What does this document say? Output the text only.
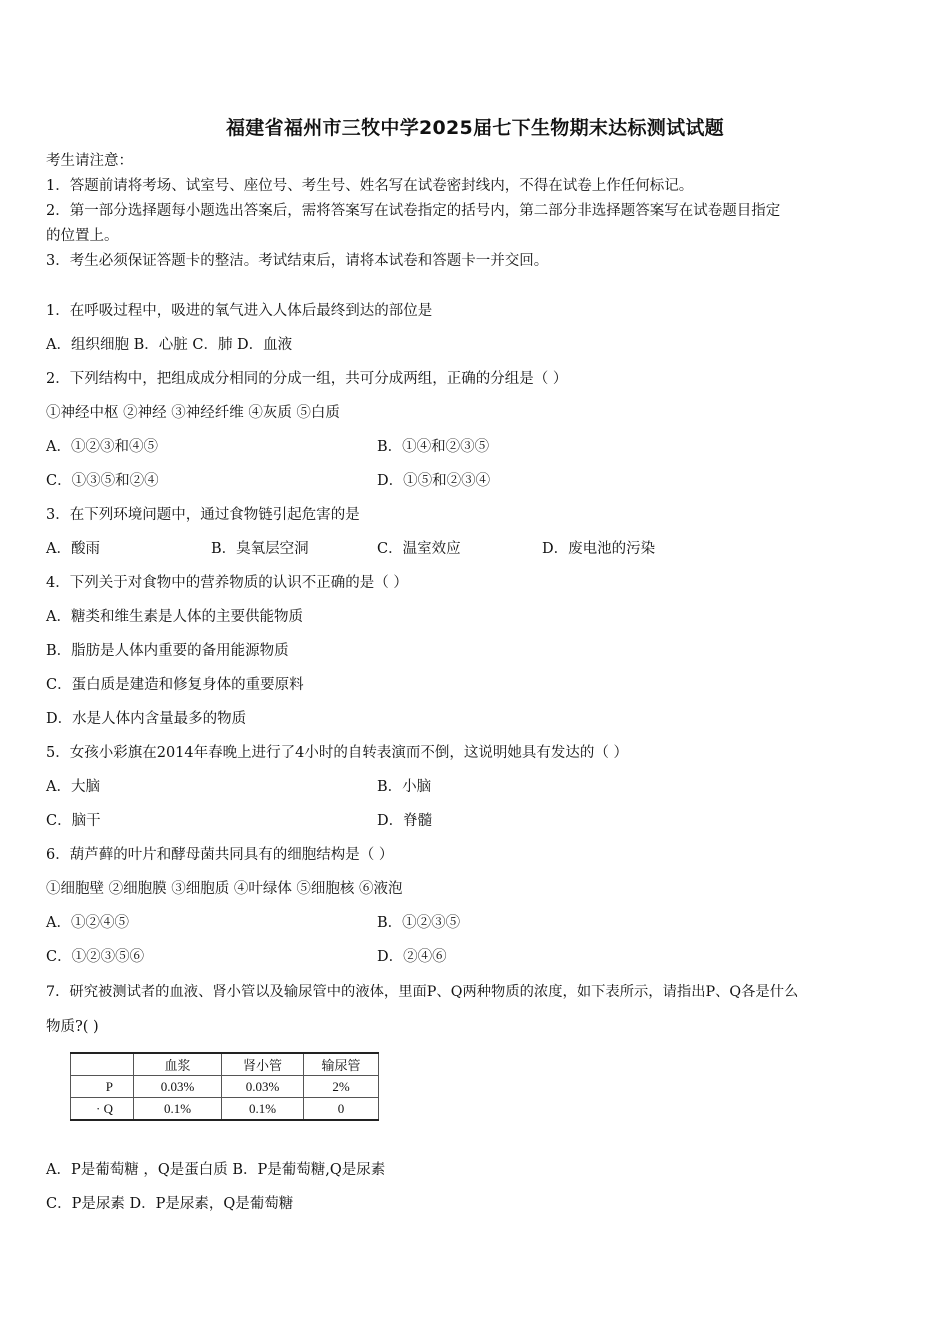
福建省福州市三牧中学2025届七下生物期末达标测试试题
考生请注意：
1．答题前请将考场、试室号、座位号、考生号、姓名写在试卷密封线内，不得在试卷上作任何标记。
2．第一部分选择题每小题选出答案后，需将答案写在试卷指定的括号内，第二部分非选择题答案写在试卷题目指定
的位置上。
3．考生必须保证答题卡的整洁。考试结束后，请将本试卷和答题卡一并交回。
1．在呼吸过程中，吸进的氧气进入人体后最终到达的部位是
A．组织细胞 B．心脏 C．肺 D．血液
2．下列结构中，把组成成分相同的分成一组，共可分成两组，正确的分组是（ ）
①神经中枢 ②神经 ③神经纤维 ④灰质 ⑤白质
A．①②③和④⑤	B．①④和②③⑤
C．①③⑤和②④	D．①⑤和②③④
3．在下列环境问题中，通过食物链引起危害的是
A．酸雨	B．臭氧层空洞	C．温室效应	D．废电池的污染
4．下列关于对食物中的营养物质的认识不正确的是（ ）
A．糖类和维生素是人体的主要供能物质
B．脂肪是人体内重要的备用能源物质
C．蛋白质是建造和修复身体的重要原料
D．水是人体内含量最多的物质
5．女孩小彩旗在2014年春晚上进行了4小时的自转表演而不倒，这说明她具有发达的（ ）
A．大脑	B．小脑
C．脑干	D．脊髓
6．葫芦藓的叶片和酵母菌共同具有的细胞结构是（ ）
①细胞壁 ②细胞膜 ③细胞质 ④叶绿体 ⑤细胞核 ⑥液泡
A．①②④⑤	B．①②③⑤
C．①②③⑤⑥	D．②④⑥
7．研究被测试者的血液、肾小管以及输尿管中的液体，里面P、Q两种物质的浓度，如下表所示，请指出P、Q各是什么
物质?( )
	血浆	肾小管	输尿管
P	0.03%	0.03%	2%
· Q	0.1%	0.1%	0
A．P是葡萄糖 ，Q是蛋白质 B．P是葡萄糖,Q是尿素
C．P是尿素 D．P是尿素，Q是葡萄糖
